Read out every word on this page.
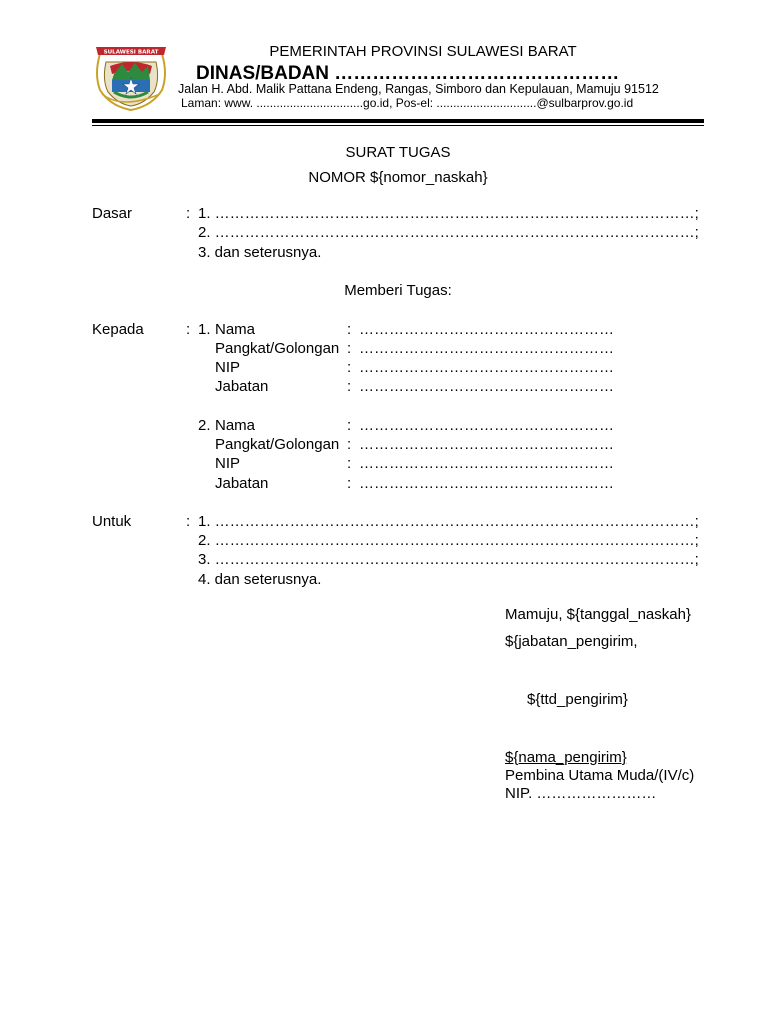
SULAWESI BARAT	PEMERINTAH PROVINSI SULAWESI BARAT
DINAS/BADAN ………………………………………
Jalan H. Abd. Malik Pattana Endeng, Rangas, Simboro dan Kepulauan, Mamuju 91512
Laman: www. ................................go.id, Pos-el: ..............................@sulbarprov.go.id
SURAT TUGAS
NOMOR ${nomor_naskah}
Dasar	: 1. ……………………………………………………………………………………;
2. ……………………………………………………………………………………;
3. dan seterusnya.
Memberi Tugas:
Kepada	: 1. Nama	: ……………………………………………
Pangkat/Golongan : ……………………………………………
NIP	: ……………………………………………
Jabatan	: ……………………………………………
2. Nama	: ……………………………………………
Pangkat/Golongan : ……………………………………………
NIP	: ……………………………………………
Jabatan	: ……………………………………………
Untuk	: 1. ……………………………………………………………………………………;
2. ……………………………………………………………………………………;
3. ……………………………………………………………………………………;
4. dan seterusnya.
Mamuju, ${tanggal_naskah}
${jabatan_pengirim,
${ttd_pengirim}
${nama_pengirim}
Pembina Utama Muda/(IV/c)
NIP. ……………………
